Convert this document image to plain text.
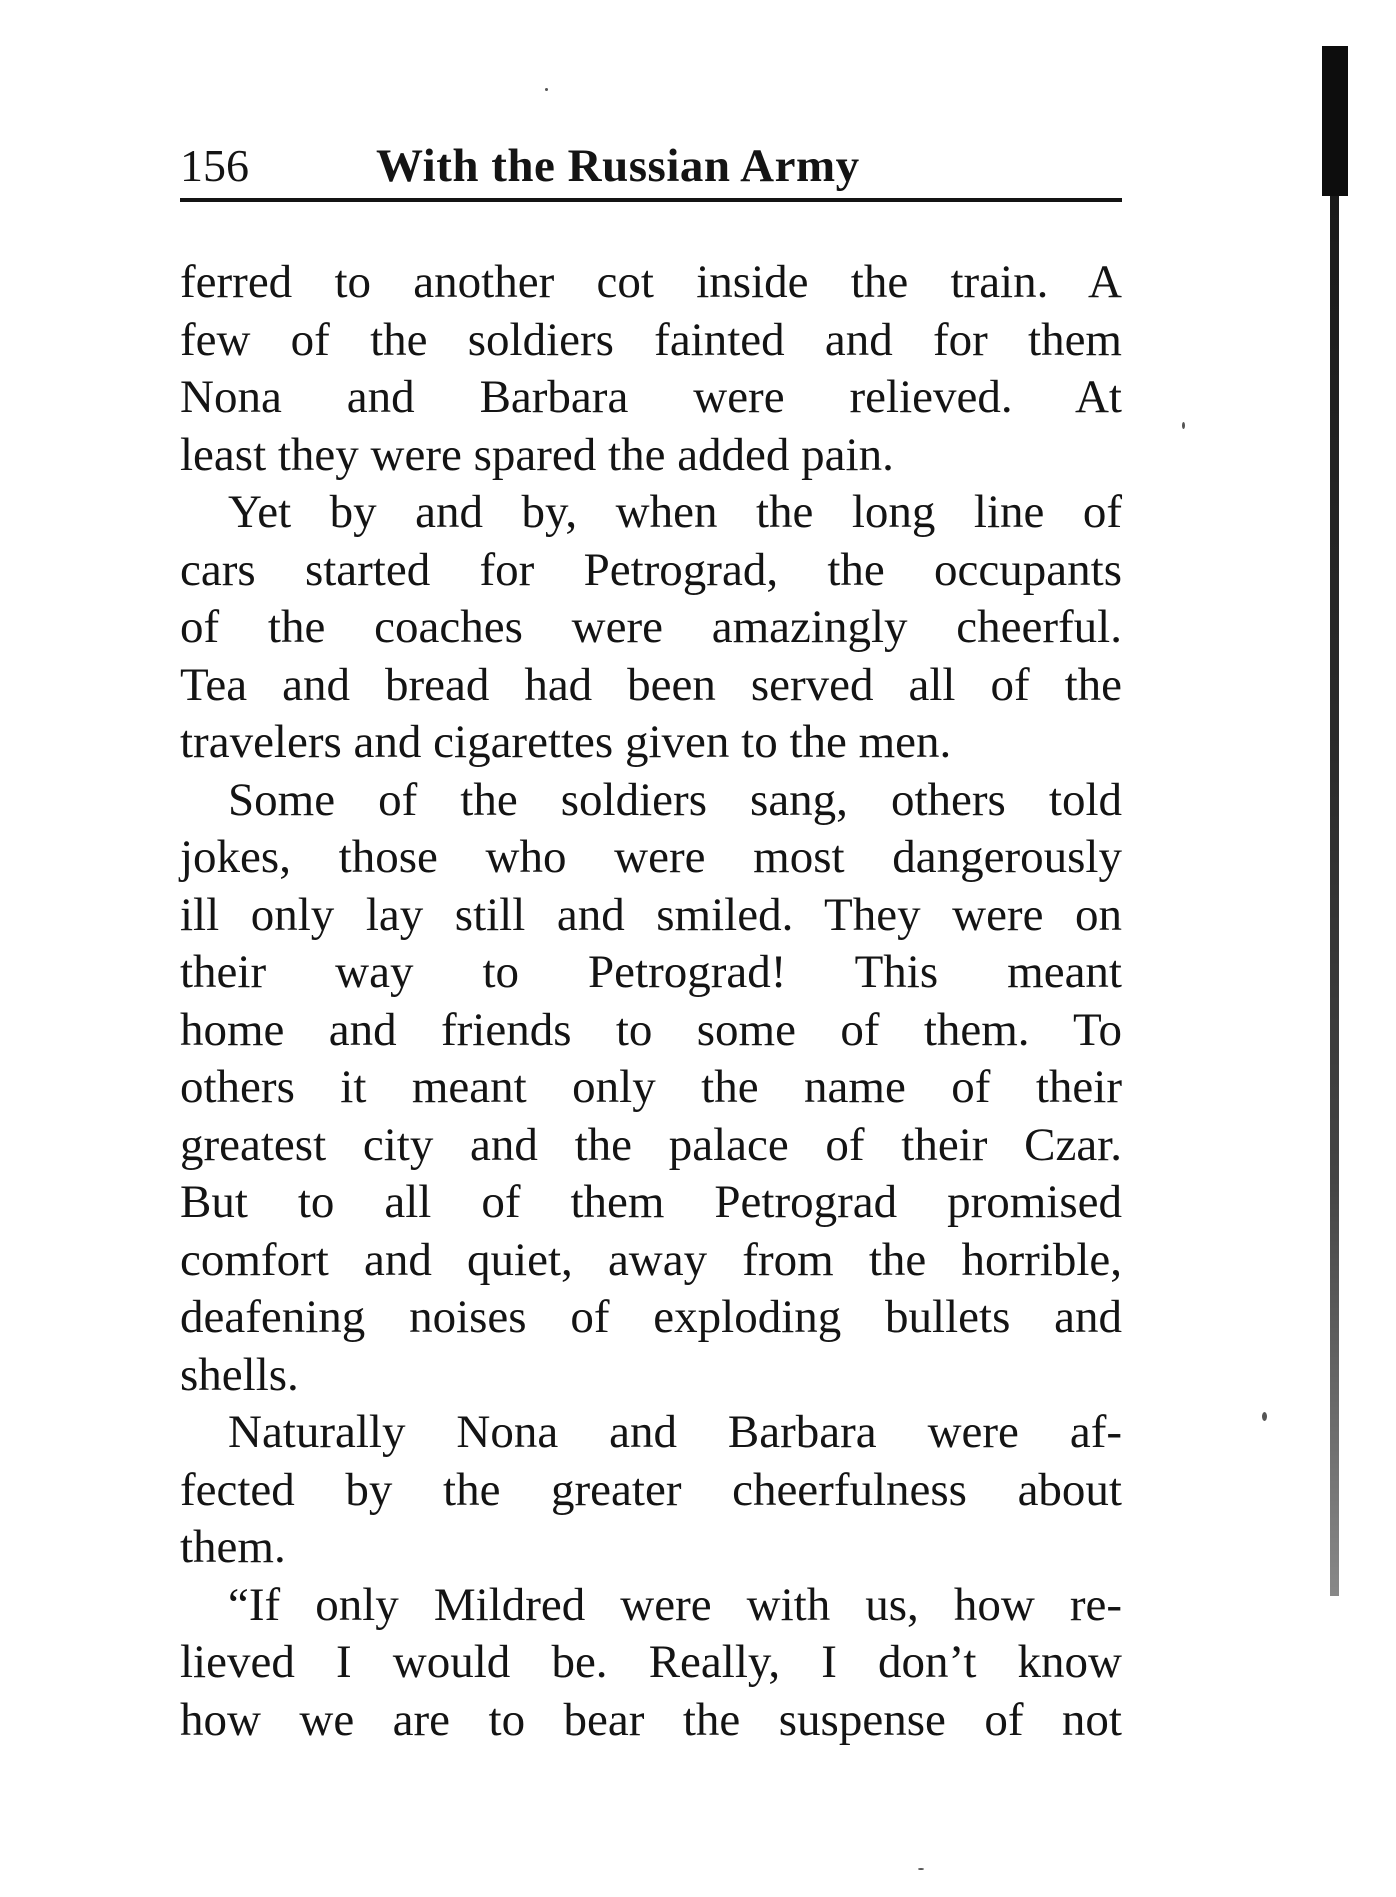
156	With the Russian Army
ferred to another cot inside the train. A
few of the soldiers fainted and for them
Nona and Barbara were relieved. At
least they were spared the added pain.
Yet by and by, when the long line of
cars started for Petrograd, the occupants
of the coaches were amazingly cheerful.
Tea and bread had been served all of the
travelers and cigarettes given to the men.
Some of the soldiers sang, others told
jokes, those who were most dangerously
ill only lay still and smiled. They were on
their way to Petrograd! This meant
home and friends to some of them. To
others it meant only the name of their
greatest city and the palace of their Czar.
But to all of them Petrograd promised
comfort and quiet, away from the horrible,
deafening noises of exploding bullets and
shells.
Naturally Nona and Barbara were af-
fected by the greater cheerfulness about
them.
“If only Mildred were with us, how re-
lieved I would be. Really, I don’t know
how we are to bear the suspense of not
